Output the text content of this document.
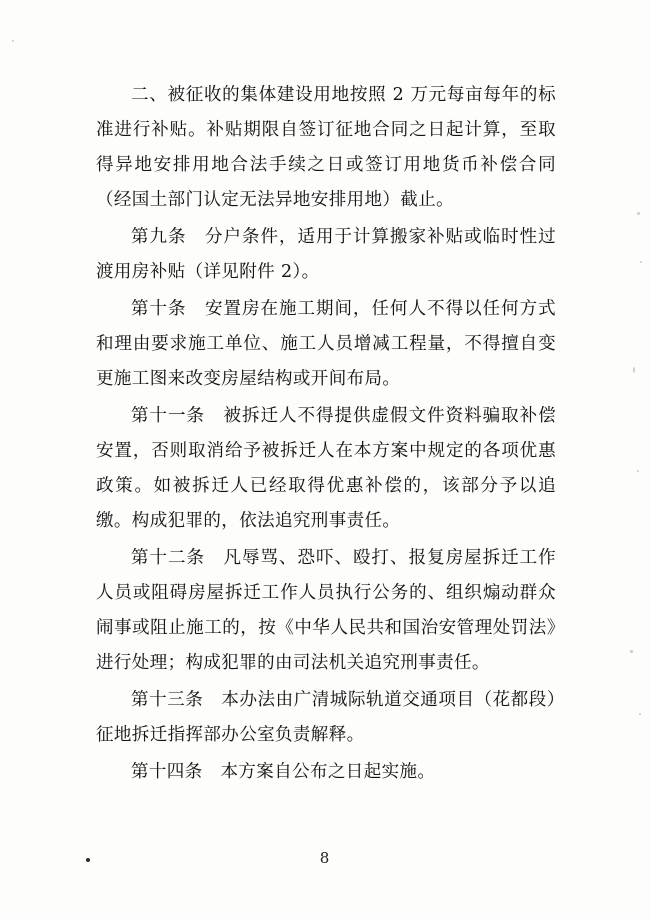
二、被征收的集体建设用地按照 2 万元每亩每年的标准进行补贴。补贴期限自签订征地合同之日起计算，至取得异地安排用地合法手续之日或签订用地货币补偿合同（经国土部门认定无法异地安排用地）截止。

第九条　分户条件，适用于计算搬家补贴或临时性过渡用房补贴（详见附件 2）。

第十条　安置房在施工期间，任何人不得以任何方式和理由要求施工单位、施工人员增减工程量，不得擅自变更施工图来改变房屋结构或开间布局。

第十一条　被拆迁人不得提供虚假文件资料骗取补偿安置，否则取消给予被拆迁人在本方案中规定的各项优惠政策。如被拆迁人已经取得优惠补偿的，该部分予以追缴。构成犯罪的，依法追究刑事责任。

第十二条　凡辱骂、恐吓、殴打、报复房屋拆迁工作人员或阻碍房屋拆迁工作人员执行公务的、组织煽动群众闹事或阻止施工的，按《中华人民共和国治安管理处罚法》进行处理；构成犯罪的由司法机关追究刑事责任。

第十三条　本办法由广清城际轨道交通项目（花都段）征地拆迁指挥部办公室负责解释。

第十四条　本方案自公布之日起实施。

8
